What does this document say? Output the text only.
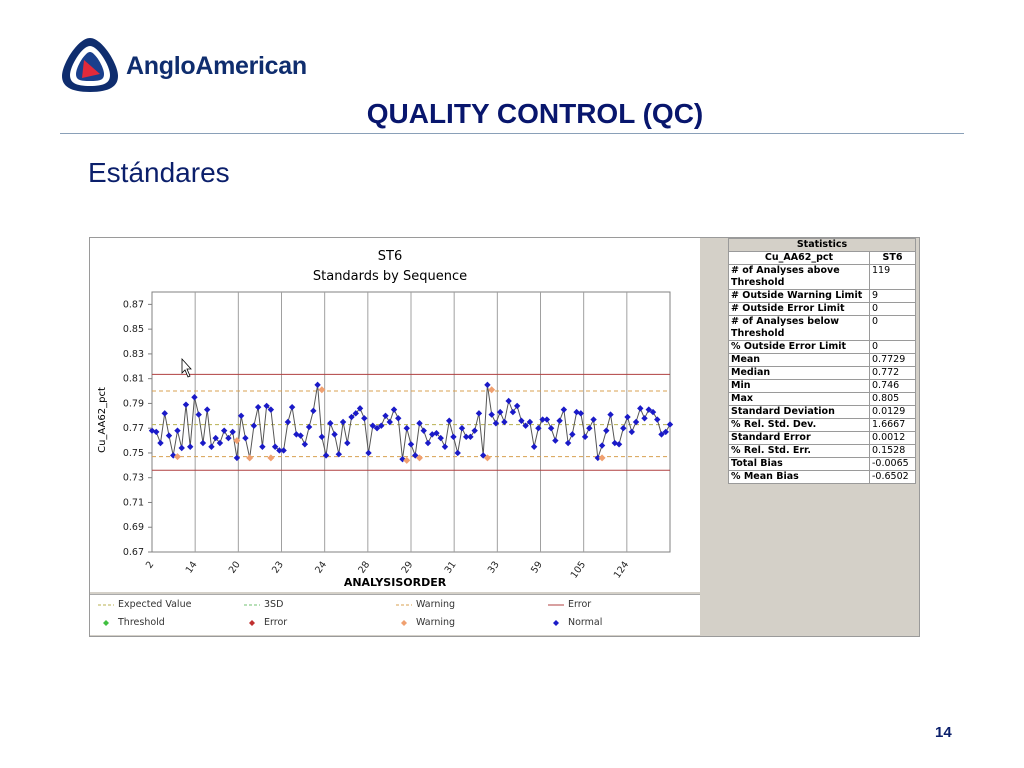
AngloAmerican
QUALITY CONTROL (QC)
Estándares
ST6
Standards by Sequence
Cu_AA62_pct
ANALYSISORDER
0.87
0.85
0.83
0.81
0.79
0.77
0.75
0.73
0.71
0.69
0.67
2	14	20	23	24	28	29	31	33	59	105	124
Expected Value	3SD	Warning	Error
Threshold	Error	Warning	Normal
Statistics	
Cu_AA62_pct	ST6
# of Analyses above Threshold	119
# Outside Warning Limit	9
# Outside Error Limit	0
# of Analyses below Threshold	0
% Outside Error Limit	0
Mean	0.7729
Median	0.772
Min	0.746
Max	0.805
Standard Deviation	0.0129
% Rel. Std. Dev.	1.6667
Standard Error	0.0012
% Rel. Std. Err.	0.1528
Total Bias	-0.0065
% Mean Bias	-0.6502
14
